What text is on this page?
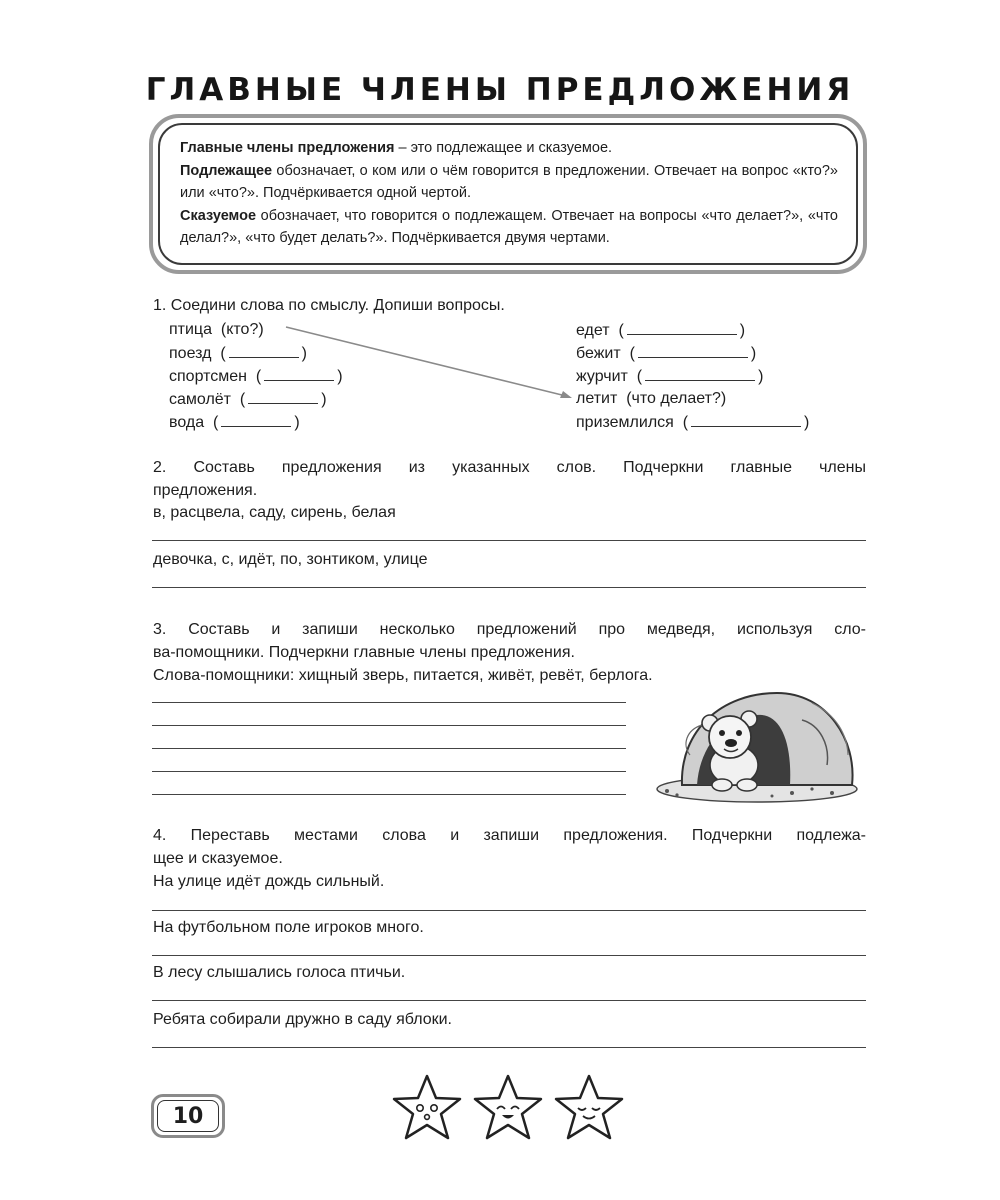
ГЛАВНЫЕ ЧЛЕНЫ ПРЕДЛОЖЕНИЯ

Главные члены предложения – это подлежащее и сказуемое.

Подлежащее обозначает, о ком или о чём говорится в предложении. Отвечает на вопрос «кто?» или «что?». Подчёркивается одной чертой.

Сказуемое обозначает, что говорится о подлежащем. Отвечает на вопросы «что делает?», «что делал?», «что будет делать?». Подчёркивается двумя чертами.

1. Соедини слова по смыслу. Допиши вопросы.
птица (кто?)
поезд  (	)
спортсмен  (	)
самолёт  (	)
вода  (	)
едет  (	)
бежит  (	)
журчит  (	)
летит (что делает?)
приземлился  (	)
2. Составь предложения из указанных слов. Подчеркни главные члены
предложения.
в, расцвела, саду, сирень, белая
девочка, с, идёт, по, зонтиком, улице
3. Составь и запиши несколько предложений про медведя, используя сло-
ва-помощники. Подчеркни главные члены предложения.
Слова-помощники: хищный зверь, питается, живёт, ревёт, берлога.
4. Переставь местами слова и запиши предложения. Подчеркни подлежа-
щее и сказуемое.
На улице идёт дождь сильный.
На футбольном поле игроков много.
В лесу слышались голоса птичьи.
Ребята собирали дружно в саду яблоки.
10
